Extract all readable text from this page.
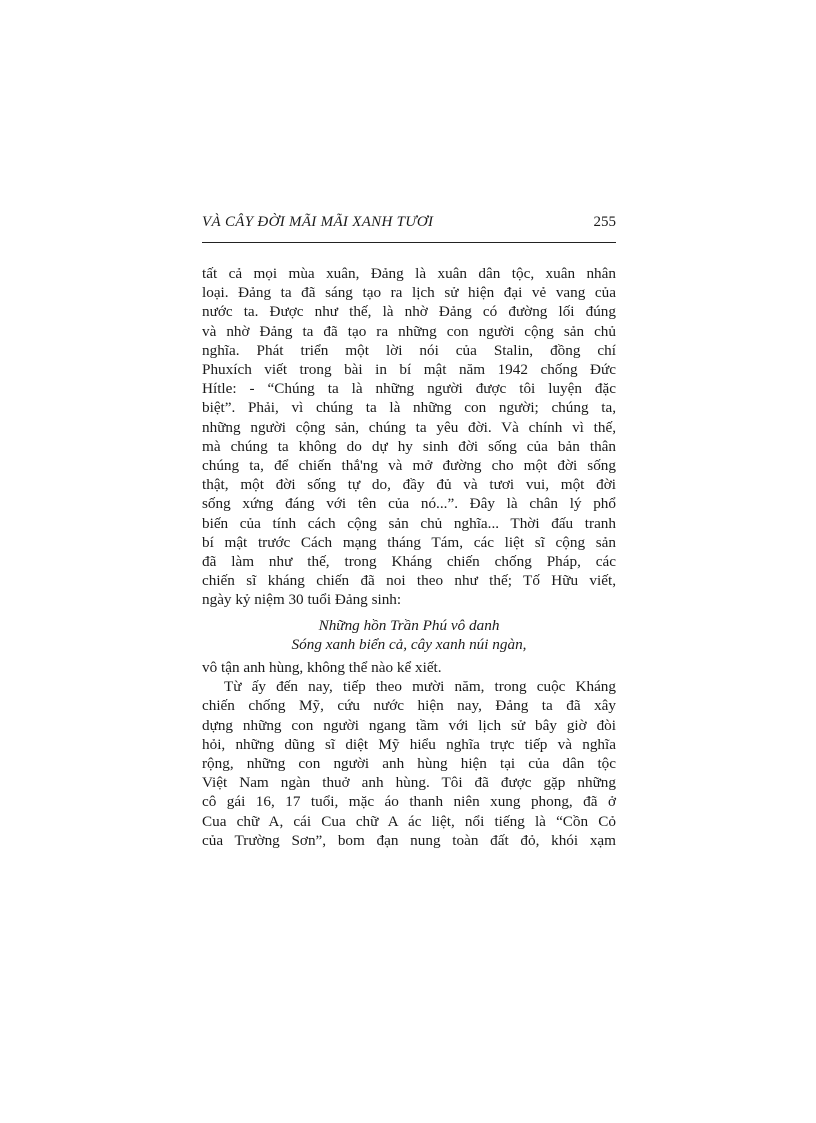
VÀ CÂY ĐỜI MÃI MÃI XANH TƯƠI	255
tất cả mọi mùa xuân, Đảng là xuân dân tộc, xuân nhân
loại. Đảng ta đã sáng tạo ra lịch sử hiện đại vẻ vang của
nước ta. Được như thế, là nhờ Đảng có đường lối đúng
và nhờ Đảng ta đã tạo ra những con người cộng sản chủ
nghĩa. Phát triển một lời nói của Stalin, đồng chí
Phuxích viết trong bài in bí mật năm 1942 chống Đức
Hítle: - “Chúng ta là những người được tôi luyện đặc
biệt”. Phải, vì chúng ta là những con người; chúng ta,
những người cộng sản, chúng ta yêu đời. Và chính vì thế,
mà chúng ta không do dự hy sinh đời sống của bản thân
chúng ta, để chiến thắ'ng và mở đường cho một đời sống
thật, một đời sống tự do, đầy đủ và tươi vui, một đời
sống xứng đáng với tên của nó...”. Đây là chân lý phổ
biến của tính cách cộng sản chủ nghĩa... Thời đấu tranh
bí mật trước Cách mạng tháng Tám, các liệt sĩ cộng sản
đã làm như thế, trong Kháng chiến chống Pháp, các
chiến sĩ kháng chiến đã noi theo như thế; Tố Hữu viết,
ngày kỷ niệm 30 tuổi Đảng sinh:
Những hồn Trần Phú vô danh
Sóng xanh biển cả, cây xanh núi ngàn,
vô tận anh hùng, không thể nào kể xiết.
Từ ấy đến nay, tiếp theo mười năm, trong cuộc Kháng
chiến chống Mỹ, cứu nước hiện nay, Đảng ta đã xây
dựng những con người ngang tầm với lịch sử bây giờ đòi
hỏi, những dũng sĩ diệt Mỹ hiểu nghĩa trực tiếp và nghĩa
rộng, những con người anh hùng hiện tại của dân tộc
Việt Nam ngàn thuở anh hùng. Tôi đã được gặp những
cô gái 16, 17 tuổi, mặc áo thanh niên xung phong, đã ở
Cua chữ A, cái Cua chữ A ác liệt, nổi tiếng là “Cồn Cỏ
của Trường Sơn”, bom đạn nung toàn đất đỏ, khói xạm
